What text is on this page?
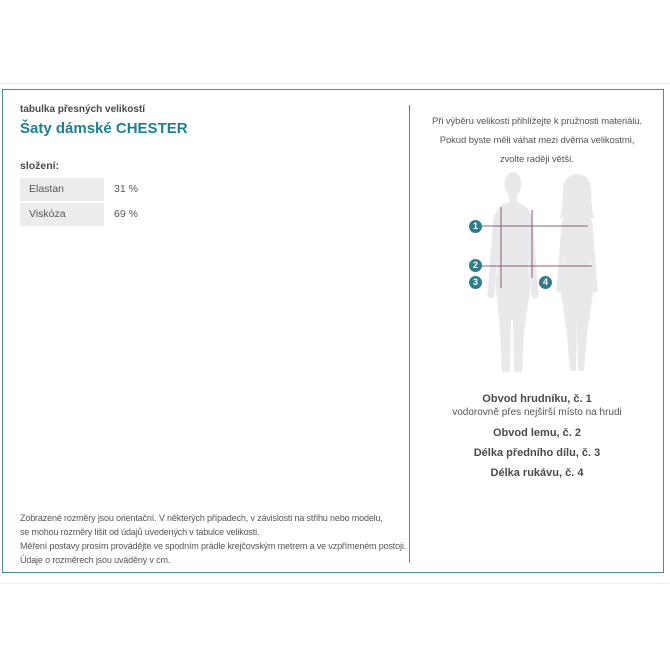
tabulka přesných velikostí
Šaty dámské CHESTER
složení:
Elastan	31 %
Viskóza	69 %
Zobrazené rozměry jsou orientační. V některých případech, v závislosti na střihu nebo modelu,
se mohou rozměry lišit od údajů uvedených v tabulce velikosti.
Měření postavy prosím provádějte ve spodním prádle krejčovským metrem a ve vzpřímeném postoji.
Údaje o rozměrech jsou uváděny v cm.
Při výběru velikosti přihlížejte k pružnosti materiálu.
Pokud byste měli váhat mezi dvěma velikostmi,
zvolte raději větší.
1
2
3	4
Obvod hrudníku, č. 1
vodorovně přes nejširší místo na hrudi
Obvod lemu, č. 2
Délka předního dílu, č. 3
Délka rukávu, č. 4
